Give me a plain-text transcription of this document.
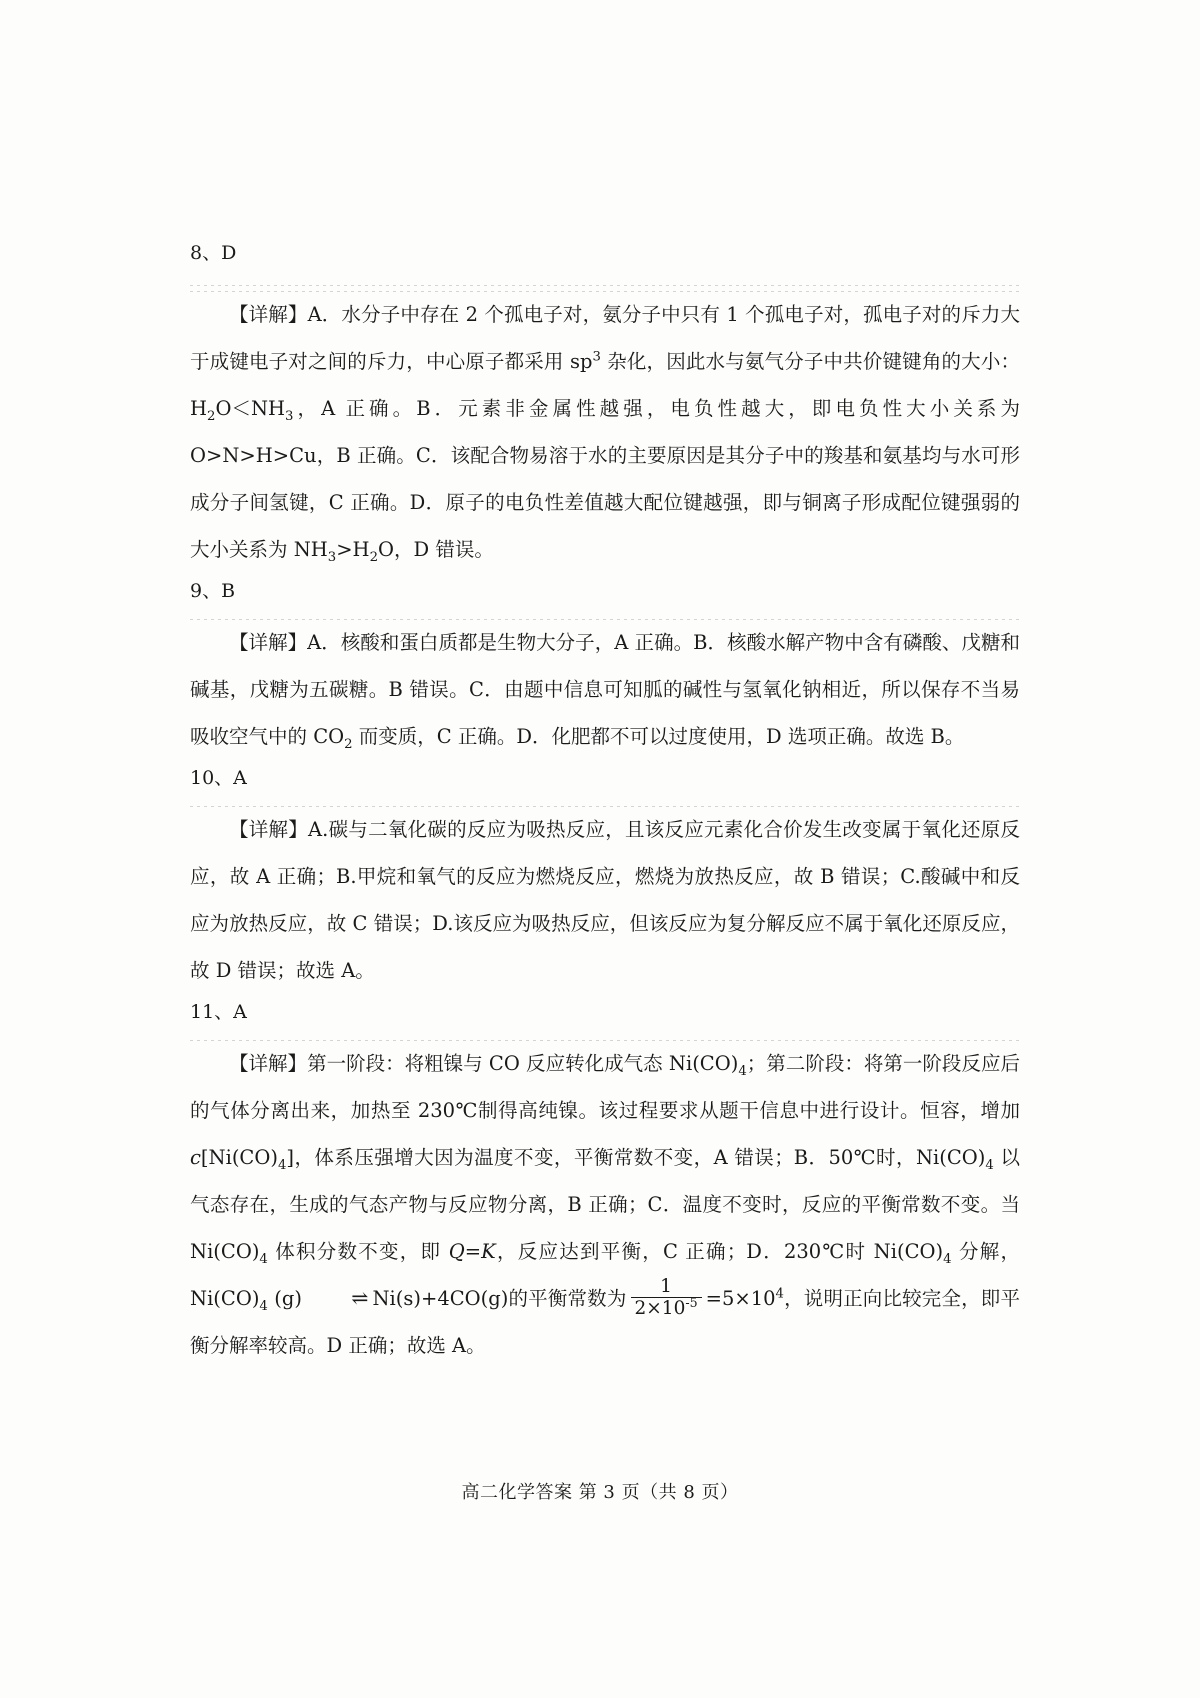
8、D

【详解】A．水分子中存在 2 个孤电子对，氨分子中只有 1 个孤电子对，孤电子对的斥力大于成键电子对之间的斥力，中心原子都采用 $sp^3$ 杂化，因此水与氨气分子中共价键键角的大小：$H_2O<NH_3$，A 正确。B．元素非金属性越强，电负性越大，即电负性大小关系为 O>N>H>Cu，B 正确。C．该配合物易溶于水的主要原因是其分子中的羧基和氨基均与水可形成分子间氢键，C 正确。D．原子的电负性差值越大配位键越强，即与铜离子形成配位键强弱的大小关系为 $NH_3>H_2O$，D 错误。

9、B

【详解】A．核酸和蛋白质都是生物大分子，A 正确。B．核酸水解产物中含有磷酸、戊糖和碱基，戊糖为五碳糖。B 错误。C．由题中信息可知胍的碱性与氢氧化钠相近，所以保存不当易吸收空气中的 $CO_2$ 而变质，C 正确。D．化肥都不可以过度使用，D 选项正确。故选 B。

10、A

【详解】A.碳与二氧化碳的反应为吸热反应，且该反应元素化合价发生改变属于氧化还原反应，故 A 正确；B.甲烷和氧气的反应为燃烧反应，燃烧为放热反应，故 B 错误；C.酸碱中和反应为放热反应，故 C 错误；D.该反应为吸热反应，但该反应为复分解反应不属于氧化还原反应，故 D 错误；故选 A。

11、A

【详解】第一阶段：将粗镍与 CO 反应转化成气态 $Ni(CO)_4$；第二阶段：将第一阶段反应后的气体分离出来，加热至 230℃制得高纯镍。该过程要求从题干信息中进行设计。恒容，增加 $c[Ni(CO)_4]$，体系压强增大因为温度不变，平衡常数不变，A 错误；B．50℃时，$Ni(CO)_4$ 以气态存在，生成的气态产物与反应物分离，B 正确；C．温度不变时，反应的平衡常数不变。当 $Ni(CO)_4$ 体积分数不变，即 Q=K，反应达到平衡，C 正确；D．230℃时 $Ni(CO)_4$ 分解，$Ni(CO)_4$ (g) ⇌ Ni(s)+4CO(g)的平衡常数为 $\frac{1}{2\times 10^{-5}} =5\times 10^4$，说明正向比较完全，即平衡分解率较高。D 正确；故选 A。

高二化学答案 第 3 页（共 8 页）
